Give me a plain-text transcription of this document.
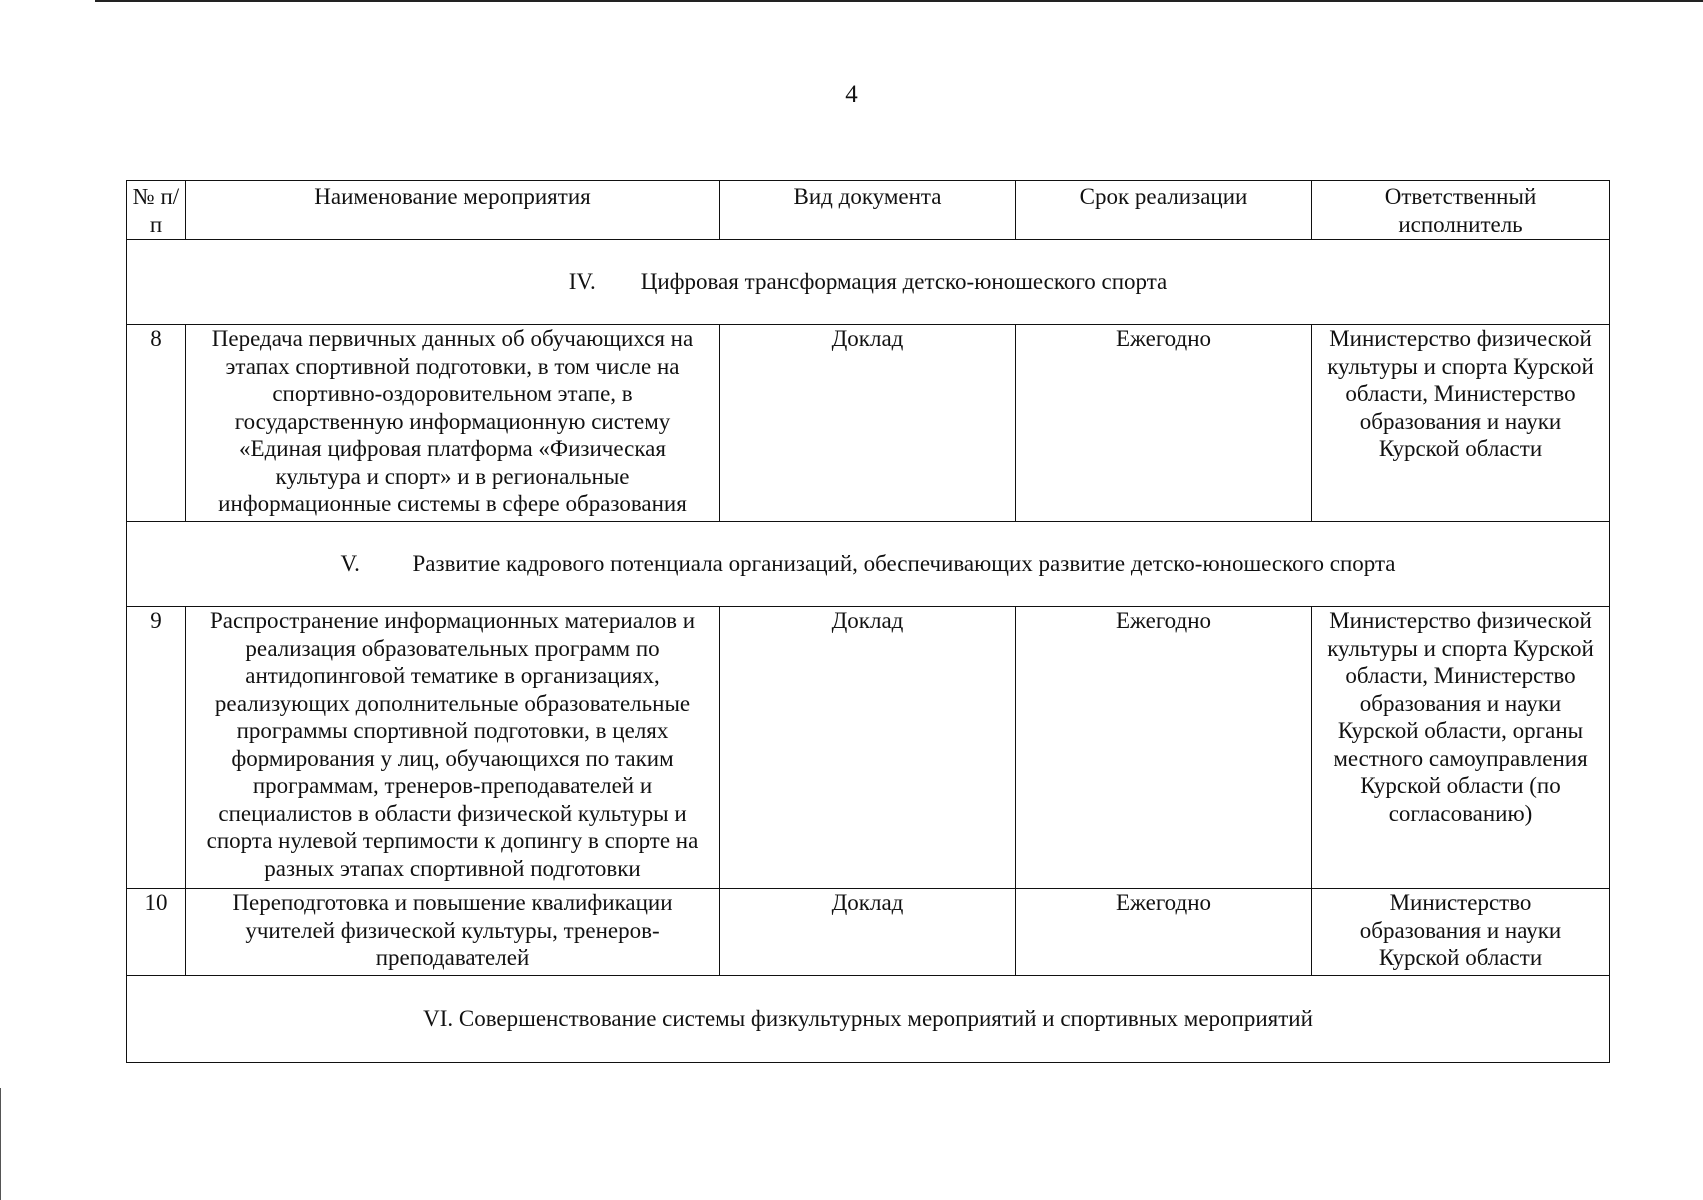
4
№ п/п	Наименование мероприятия	Вид документа	Срок реализации	Ответственный исполнитель

IV. Цифровая трансформация детско-юношеского спорта				

8	Передача первичных данных об обучающихся на этапах спортивной подготовки, в том числе на спортивно-оздоровительном этапе, в государственную информационную систему «Единая цифровая платформа «Физическая культура и спорт» и в региональные информационные системы в сфере образования	Доклад	Ежегодно	Министерство физической культуры и спорта Курской области, Министерство образования и науки Курской области

V. Развитие кадрового потенциала организаций, обеспечивающих развитие детско-юношеского спорта				

9	Распространение информационных материалов и реализация образовательных программ по антидопинговой тематике в организациях, реализующих дополнительные образовательные программы спортивной подготовки, в целях формирования у лиц, обучающихся по таким программам, тренеров-преподавателей и специалистов в области физической культуры и спорта нулевой терпимости к допингу в спорте на разных этапах спортивной подготовки	Доклад	Ежегодно	Министерство физической культуры и спорта Курской области, Министерство образования и науки Курской области, органы местного самоуправления Курской области (по согласованию)

10	Переподготовка и повышение квалификации учителей физической культуры, тренеров-преподавателей	Доклад	Ежегодно	Министерство образования и науки Курской области

VI. Совершенствование системы физкультурных мероприятий и спортивных мероприятий				
